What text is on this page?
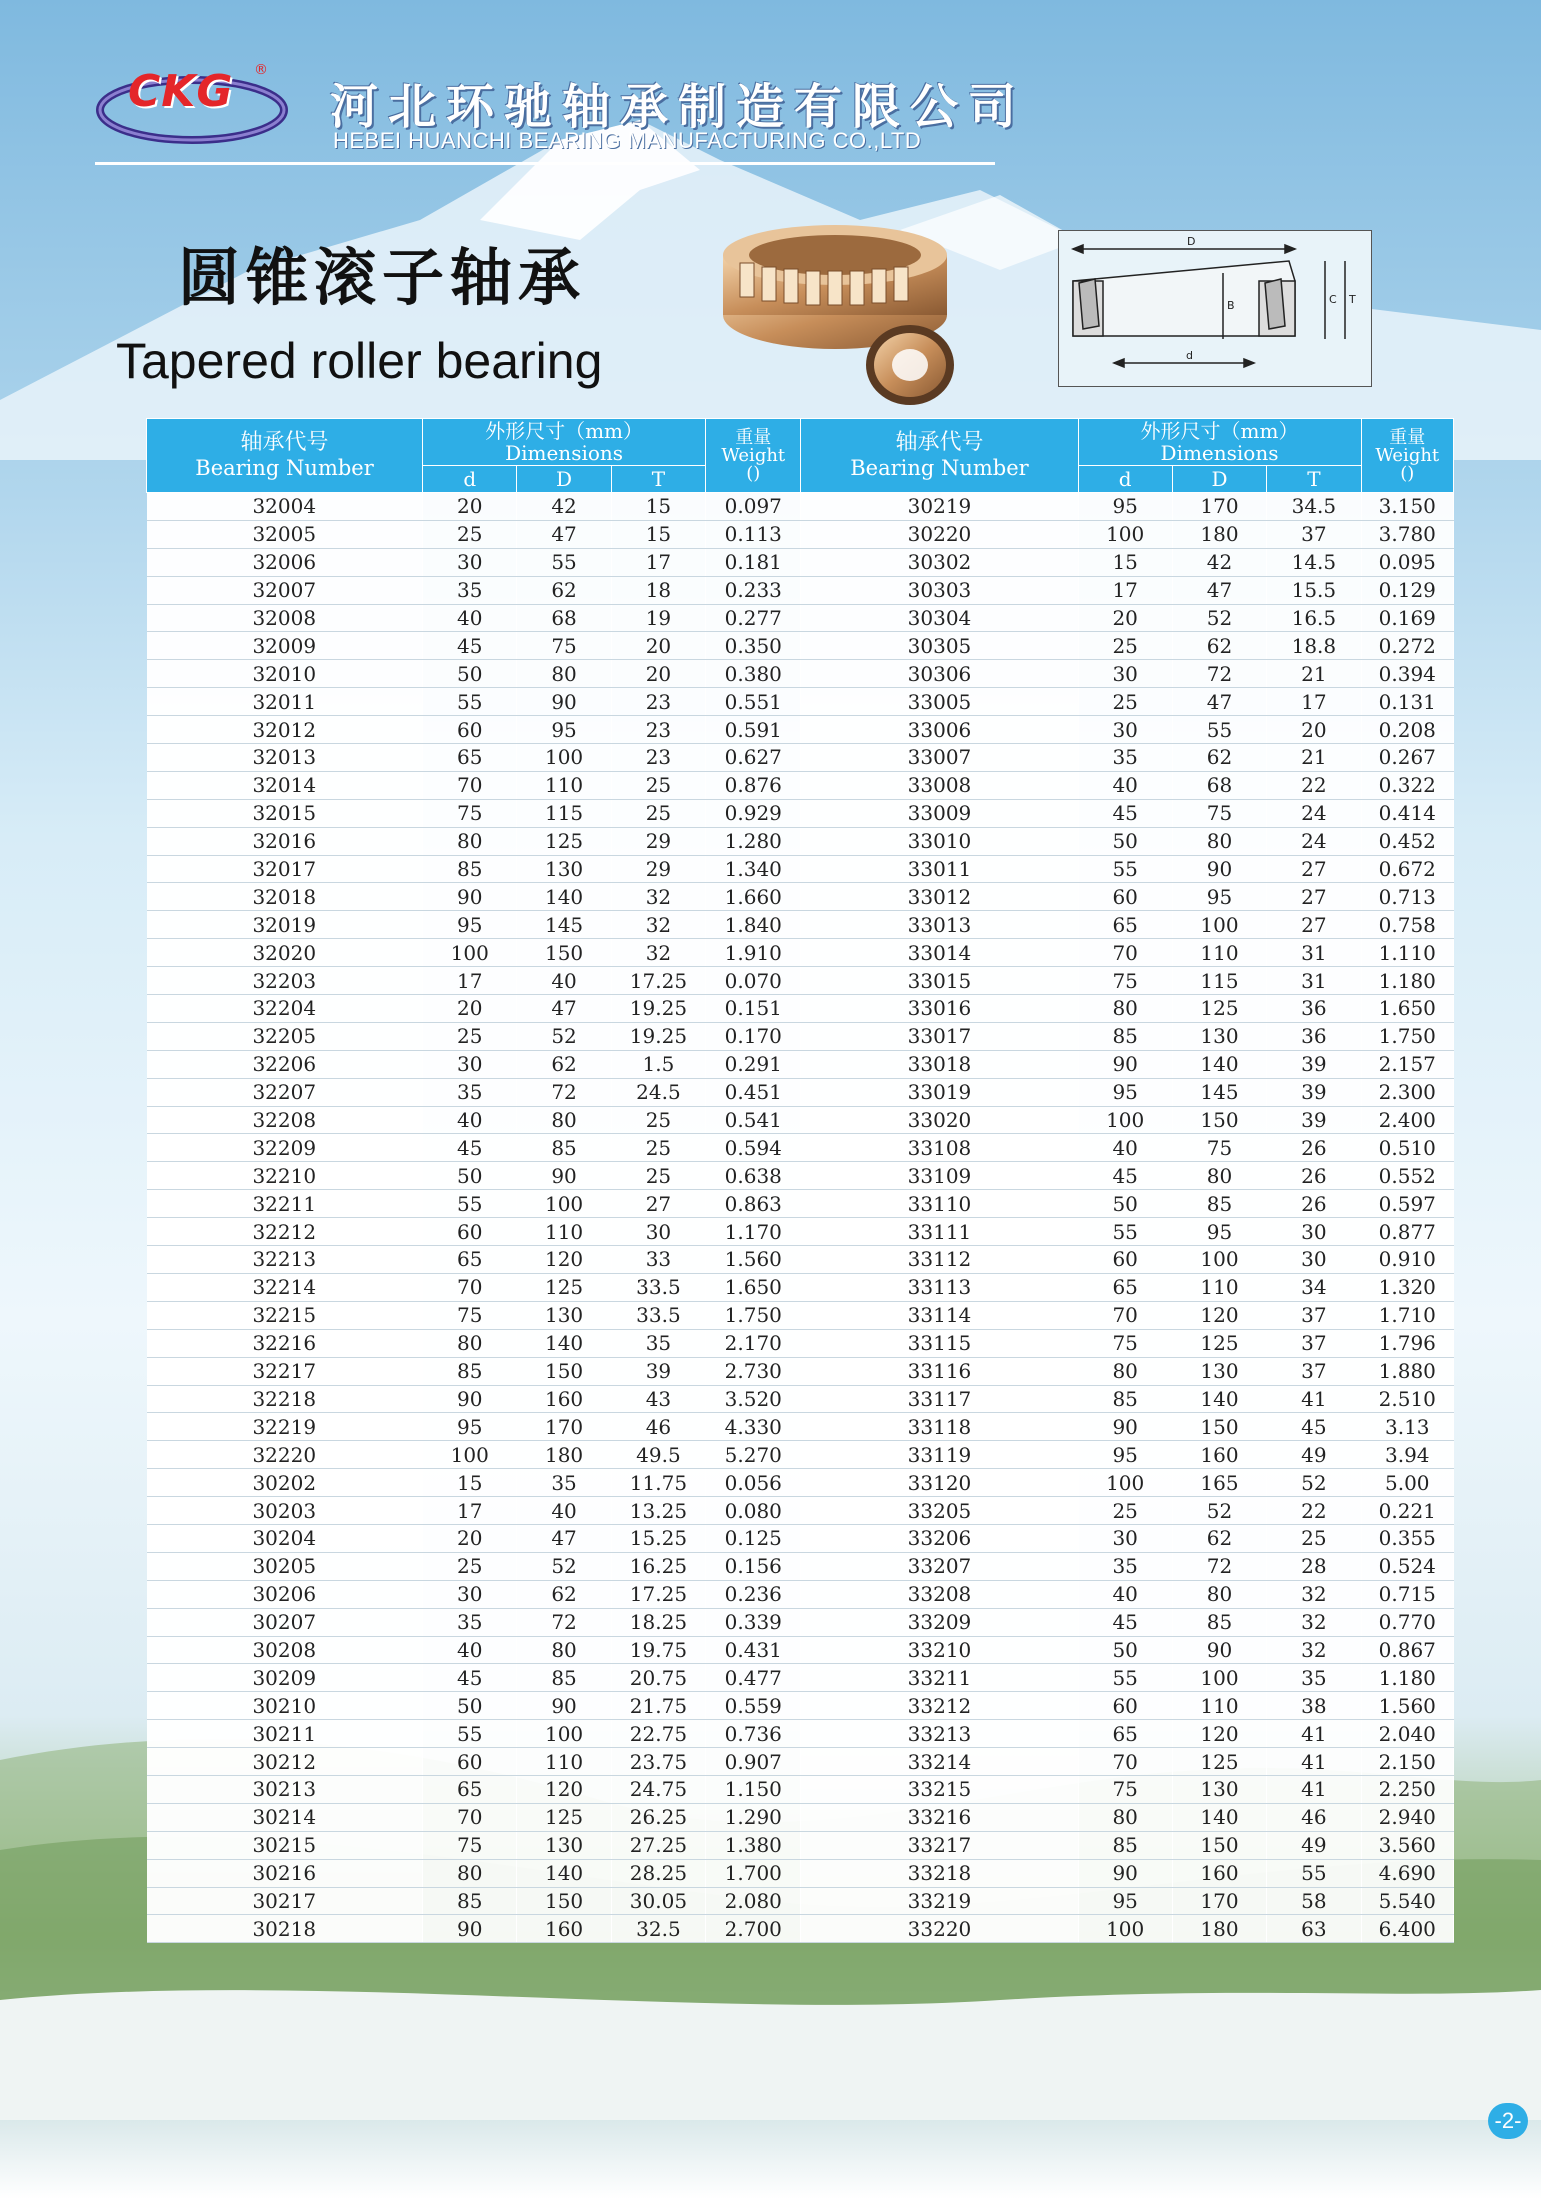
CKG ®
河北环驰轴承制造有限公司
HEBEI HUANCHI BEARING MANUFACTURING CO.,LTD
圆锥滚子轴承
Tapered roller bearing
D
d
B	C T
轴承代号
Bearing Number	外形尺寸（mm）
Dimensions			重量
Weight
()	轴承代号
Bearing Number	外形尺寸（mm）
Dimensions			重量
Weight
()
	d	D	T			d	D	T	
32004	20	42	15	0.097	30219	95	170	34.5	3.150
32005	25	47	15	0.113	30220	100	180	37	3.780
32006	30	55	17	0.181	30302	15	42	14.5	0.095
32007	35	62	18	0.233	30303	17	47	15.5	0.129
32008	40	68	19	0.277	30304	20	52	16.5	0.169
32009	45	75	20	0.350	30305	25	62	18.8	0.272
32010	50	80	20	0.380	30306	30	72	21	0.394
32011	55	90	23	0.551	33005	25	47	17	0.131
32012	60	95	23	0.591	33006	30	55	20	0.208
32013	65	100	23	0.627	33007	35	62	21	0.267
32014	70	110	25	0.876	33008	40	68	22	0.322
32015	75	115	25	0.929	33009	45	75	24	0.414
32016	80	125	29	1.280	33010	50	80	24	0.452
32017	85	130	29	1.340	33011	55	90	27	0.672
32018	90	140	32	1.660	33012	60	95	27	0.713
32019	95	145	32	1.840	33013	65	100	27	0.758
32020	100	150	32	1.910	33014	70	110	31	1.110
32203	17	40	17.25	0.070	33015	75	115	31	1.180
32204	20	47	19.25	0.151	33016	80	125	36	1.650
32205	25	52	19.25	0.170	33017	85	130	36	1.750
32206	30	62	1.5	0.291	33018	90	140	39	2.157
32207	35	72	24.5	0.451	33019	95	145	39	2.300
32208	40	80	25	0.541	33020	100	150	39	2.400
32209	45	85	25	0.594	33108	40	75	26	0.510
32210	50	90	25	0.638	33109	45	80	26	0.552
32211	55	100	27	0.863	33110	50	85	26	0.597
32212	60	110	30	1.170	33111	55	95	30	0.877
32213	65	120	33	1.560	33112	60	100	30	0.910
32214	70	125	33.5	1.650	33113	65	110	34	1.320
32215	75	130	33.5	1.750	33114	70	120	37	1.710
32216	80	140	35	2.170	33115	75	125	37	1.796
32217	85	150	39	2.730	33116	80	130	37	1.880
32218	90	160	43	3.520	33117	85	140	41	2.510
32219	95	170	46	4.330	33118	90	150	45	3.13
32220	100	180	49.5	5.270	33119	95	160	49	3.94
30202	15	35	11.75	0.056	33120	100	165	52	5.00
30203	17	40	13.25	0.080	33205	25	52	22	0.221
30204	20	47	15.25	0.125	33206	30	62	25	0.355
30205	25	52	16.25	0.156	33207	35	72	28	0.524
30206	30	62	17.25	0.236	33208	40	80	32	0.715
30207	35	72	18.25	0.339	33209	45	85	32	0.770
30208	40	80	19.75	0.431	33210	50	90	32	0.867
30209	45	85	20.75	0.477	33211	55	100	35	1.180
30210	50	90	21.75	0.559	33212	60	110	38	1.560
30211	55	100	22.75	0.736	33213	65	120	41	2.040
30212	60	110	23.75	0.907	33214	70	125	41	2.150
30213	65	120	24.75	1.150	33215	75	130	41	2.250
30214	70	125	26.25	1.290	33216	80	140	46	2.940
30215	75	130	27.25	1.380	33217	85	150	49	3.560
30216	80	140	28.25	1.700	33218	90	160	55	4.690
30217	85	150	30.05	2.080	33219	95	170	58	5.540
30218	90	160	32.5	2.700	33220	100	180	63	6.400
-2-
